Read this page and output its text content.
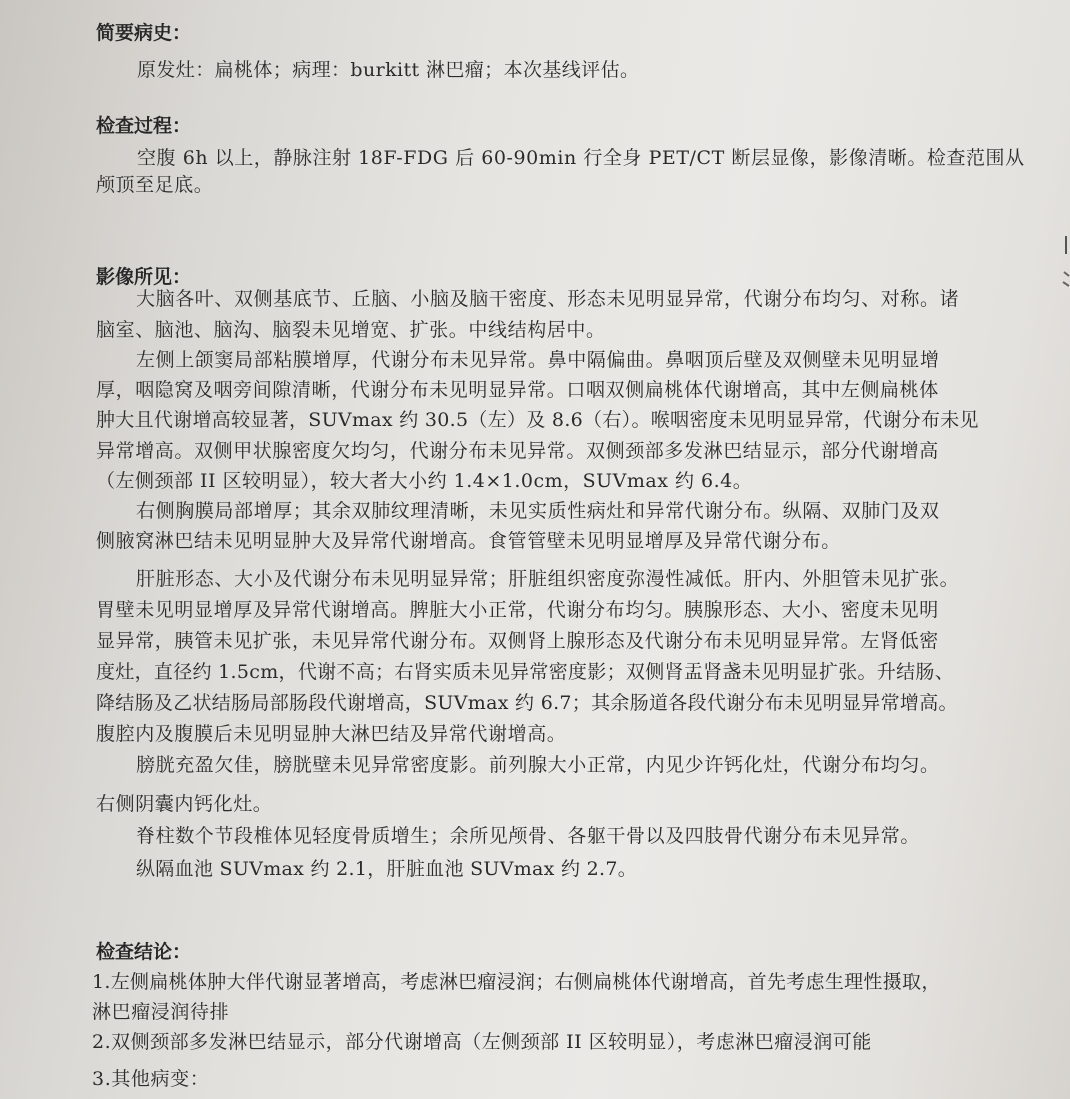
简要病史：
原发灶：扁桃体；病理：burkitt 淋巴瘤；本次基线评估。
检查过程：
空腹 6h 以上，静脉注射 18F-FDG 后 60-90min 行全身 PET/CT 断层显像，影像清晰。检查范围从
颅顶至足底。
影像所见：
大脑各叶、双侧基底节、丘脑、小脑及脑干密度、形态未见明显异常，代谢分布均匀、对称。诸
脑室、脑池、脑沟、脑裂未见增宽、扩张。中线结构居中。
左侧上颌窦局部粘膜增厚，代谢分布未见异常。鼻中隔偏曲。鼻咽顶后壁及双侧壁未见明显增
厚，咽隐窝及咽旁间隙清晰，代谢分布未见明显异常。口咽双侧扁桃体代谢增高，其中左侧扁桃体
肿大且代谢增高较显著，SUVmax 约 30.5（左）及 8.6（右）。喉咽密度未见明显异常，代谢分布未见
异常增高。双侧甲状腺密度欠均匀，代谢分布未见异常。双侧颈部多发淋巴结显示，部分代谢增高
（左侧颈部 II 区较明显），较大者大小约 1.4×1.0cm，SUVmax 约 6.4。
右侧胸膜局部增厚；其余双肺纹理清晰，未见实质性病灶和异常代谢分布。纵隔、双肺门及双
侧腋窝淋巴结未见明显肿大及异常代谢增高。食管管壁未见明显增厚及异常代谢分布。
肝脏形态、大小及代谢分布未见明显异常；肝脏组织密度弥漫性减低。肝内、外胆管未见扩张。
胃壁未见明显增厚及异常代谢增高。脾脏大小正常，代谢分布均匀。胰腺形态、大小、密度未见明
显异常，胰管未见扩张，未见异常代谢分布。双侧肾上腺形态及代谢分布未见明显异常。左肾低密
度灶，直径约 1.5cm，代谢不高；右肾实质未见异常密度影；双侧肾盂肾盏未见明显扩张。升结肠、
降结肠及乙状结肠局部肠段代谢增高，SUVmax 约 6.7；其余肠道各段代谢分布未见明显异常增高。
腹腔内及腹膜后未见明显肿大淋巴结及异常代谢增高。
膀胱充盈欠佳，膀胱壁未见异常密度影。前列腺大小正常，内见少许钙化灶，代谢分布均匀。
右侧阴囊内钙化灶。
脊柱数个节段椎体见轻度骨质增生；余所见颅骨、各躯干骨以及四肢骨代谢分布未见异常。
纵隔血池 SUVmax 约 2.1，肝脏血池 SUVmax 约 2.7。
检查结论：
1.左侧扁桃体肿大伴代谢显著增高，考虑淋巴瘤浸润；右侧扁桃体代谢增高，首先考虑生理性摄取，
淋巴瘤浸润待排
2.双侧颈部多发淋巴结显示，部分代谢增高（左侧颈部 II 区较明显），考虑淋巴瘤浸润可能
3.其他病变：
